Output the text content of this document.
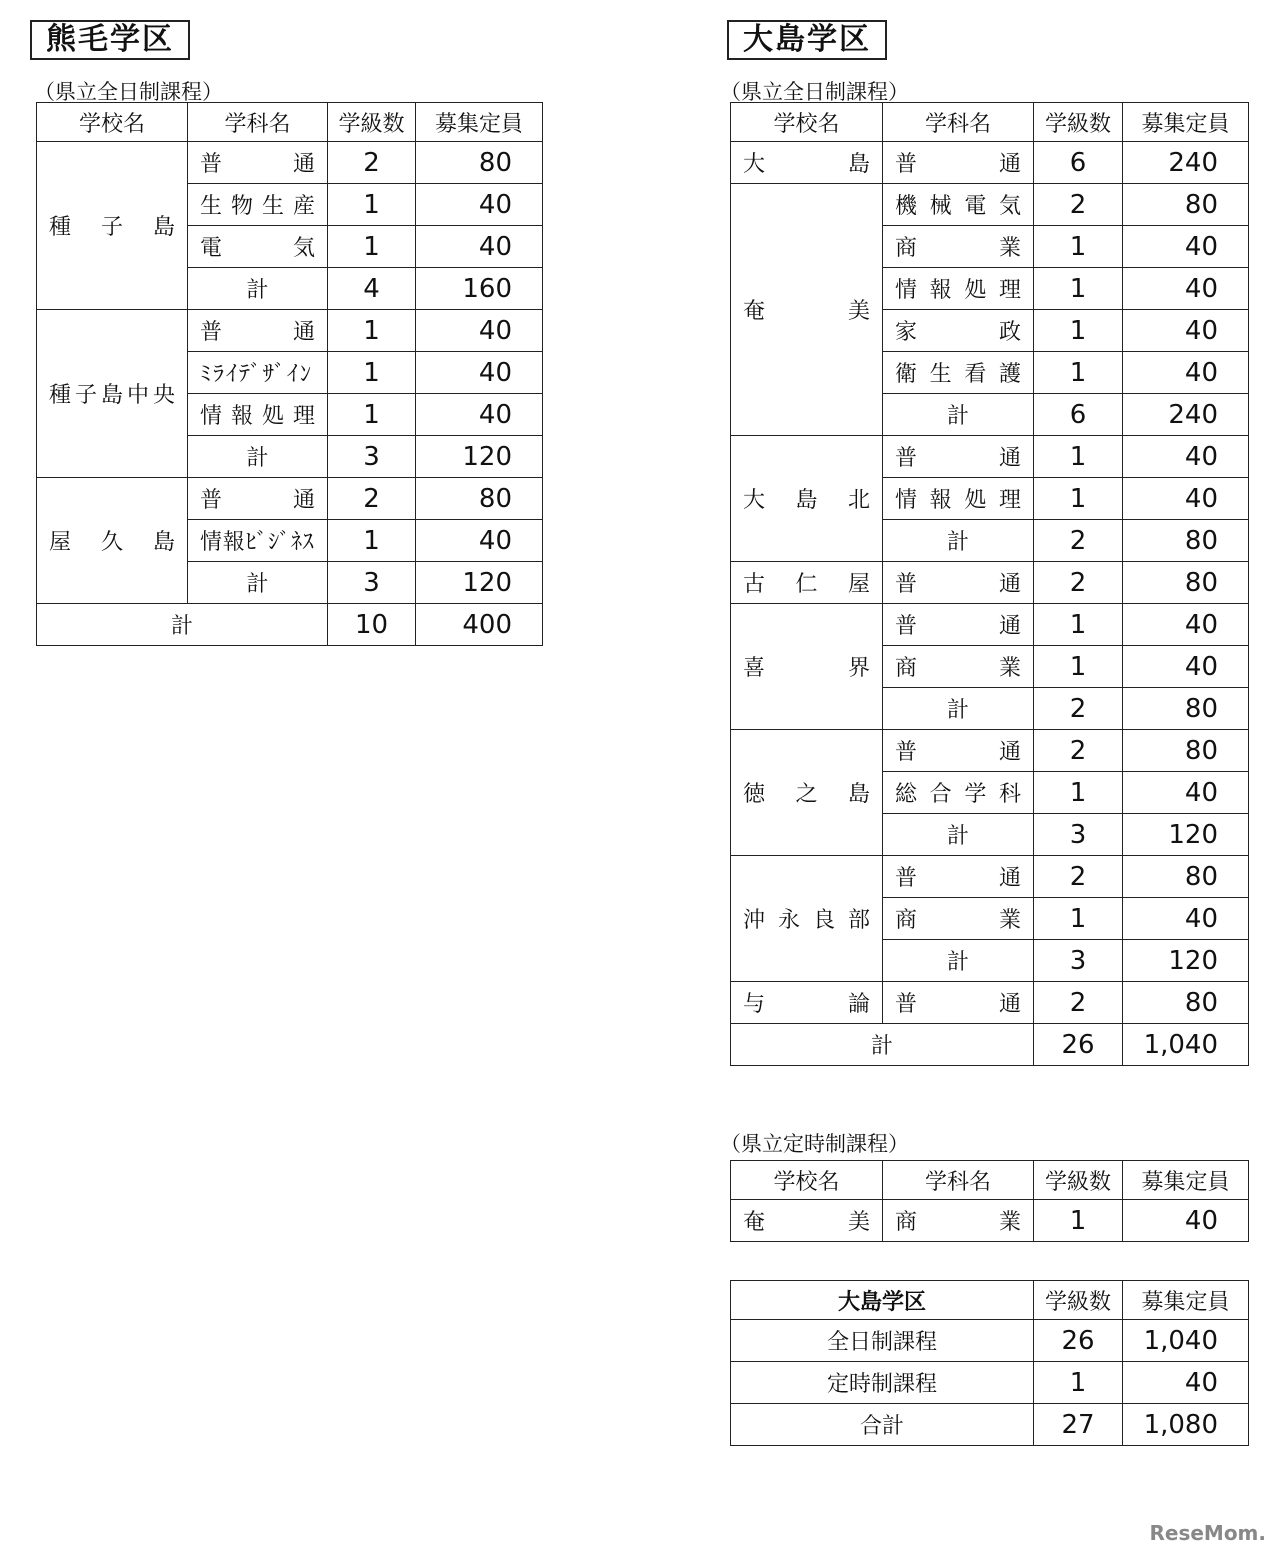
熊毛学区
（県立全日制課程）
学校名	学科名	学級数	募集定員
種子島	普通	2	80
	生物生産	1	40
	電気	1	40
	計	4	160
種子島中央	普通	1	40
	ﾐﾗｲﾃﾞｻﾞｲﾝ	1	40
	情報処理	1	40
	計	3	120
屋久島	普通	2	80
	情報ﾋﾞｼﾞﾈｽ	1	40
	計	3	120
計		10	400
大島学区
（県立全日制課程）
学校名	学科名	学級数	募集定員
大島	普通	6	240
奄美	機械電気	2	80
	商業	1	40
	情報処理	1	40
	家政	1	40
	衛生看護	1	40
	計	6	240
大島北	普通	1	40
	情報処理	1	40
	計	2	80
古仁屋	普通	2	80
喜界	普通	1	40
	商業	1	40
	計	2	80
徳之島	普通	2	80
	総合学科	1	40
	計	3	120
沖永良部	普通	2	80
	商業	1	40
	計	3	120
与論	普通	2	80
計		26	1,040
（県立定時制課程）
学校名	学科名	学級数	募集定員
奄美	商業	1	40
大島学区	学級数	募集定員
全日制課程	26	1,040
定時制課程	1	40
合計	27	1,080
ReseMom.
